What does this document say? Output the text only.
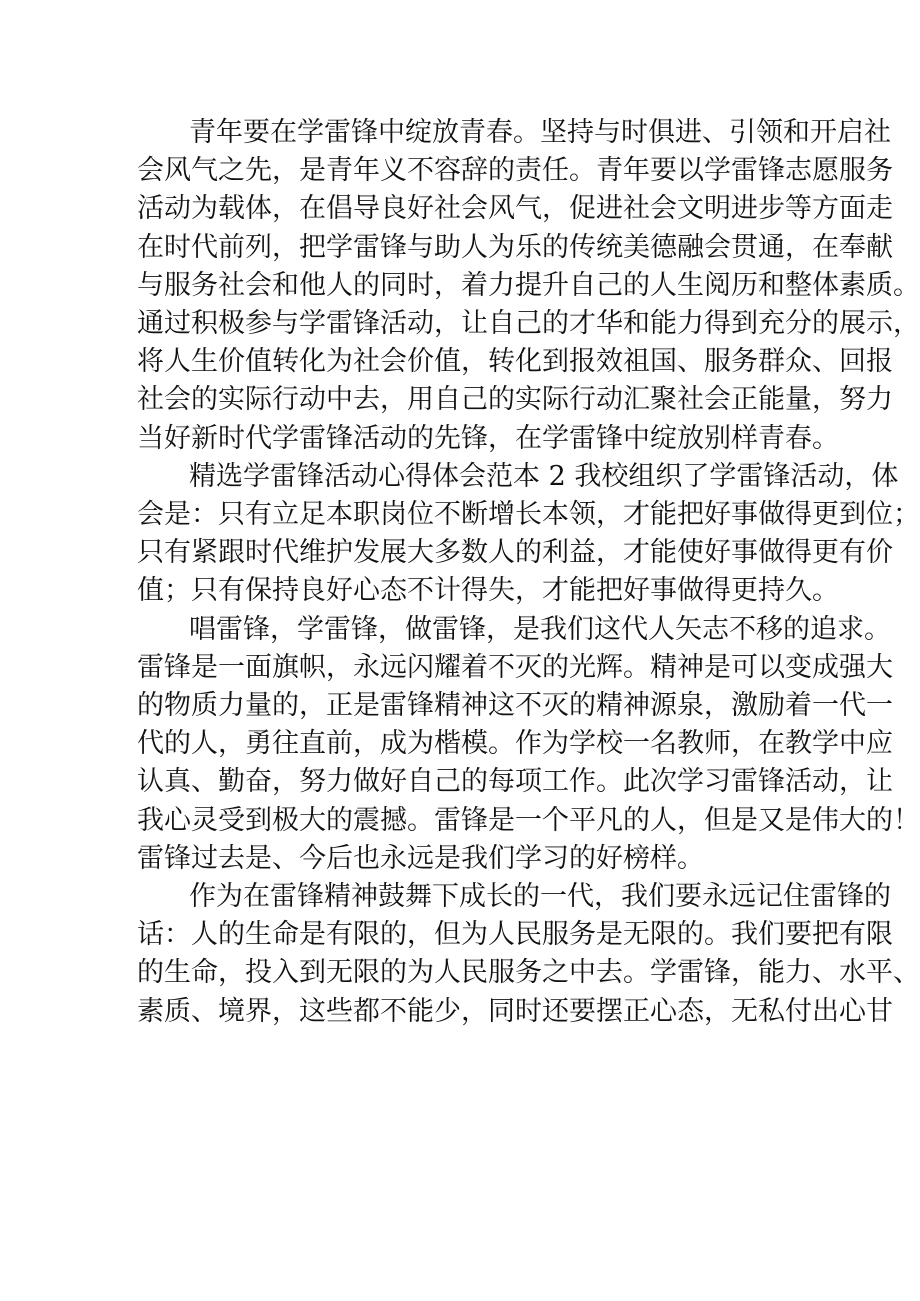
青年要在学雷锋中绽放青春。坚持与时俱进、引领和开启社
会风气之先，是青年义不容辞的责任。青年要以学雷锋志愿服务
活动为载体，在倡导良好社会风气，促进社会文明进步等方面走
在时代前列，把学雷锋与助人为乐的传统美德融会贯通，在奉献
与服务社会和他人的同时，着力提升自己的人生阅历和整体素质。
通过积极参与学雷锋活动，让自己的才华和能力得到充分的展示，
将人生价值转化为社会价值，转化到报效祖国、服务群众、回报
社会的实际行动中去，用自己的实际行动汇聚社会正能量，努力
当好新时代学雷锋活动的先锋，在学雷锋中绽放别样青春。

精选学雷锋活动心得体会范本 2 我校组织了学雷锋活动，体
会是：只有立足本职岗位不断增长本领，才能把好事做得更到位；
只有紧跟时代维护发展大多数人的利益，才能使好事做得更有价
值；只有保持良好心态不计得失，才能把好事做得更持久。

唱雷锋，学雷锋，做雷锋，是我们这代人矢志不移的追求。
雷锋是一面旗帜，永远闪耀着不灭的光辉。精神是可以变成强大
的物质力量的，正是雷锋精神这不灭的精神源泉，激励着一代一
代的人，勇往直前，成为楷模。作为学校一名教师，在教学中应
认真、勤奋，努力做好自己的每项工作。此次学习雷锋活动，让
我心灵受到极大的震撼。雷锋是一个平凡的人，但是又是伟大的！
雷锋过去是、今后也永远是我们学习的好榜样。

作为在雷锋精神鼓舞下成长的一代，我们要永远记住雷锋的
话：人的生命是有限的，但为人民服务是无限的。我们要把有限
的生命，投入到无限的为人民服务之中去。学雷锋，能力、水平、
素质、境界，这些都不能少，同时还要摆正心态，无私付出心甘
